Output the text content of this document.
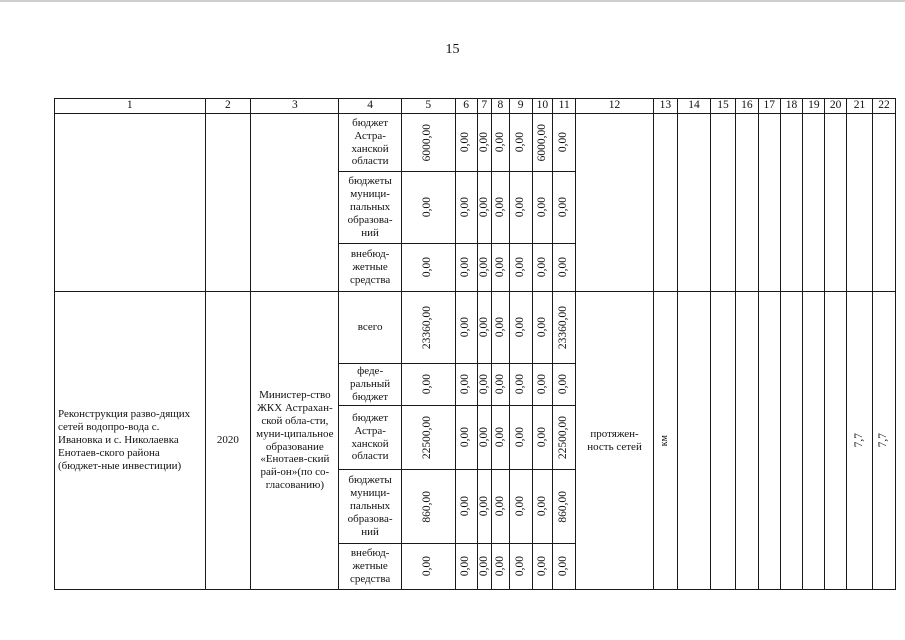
15
1	2	3	4	5	6	7	8	9	10	11	12	13	14	15	16	17	18	19	20	21	22
			бюджет Астра-ханской области	6000,00	0,00	0,00	0,00	0,00	6000,00	0,00											

			бюджеты муници-пальных образова-ний	0,00	0,00	0,00	0,00	0,00	0,00	0,00											

			внебюд-жетные средства	0,00	0,00	0,00	0,00	0,00	0,00	0,00											

Реконструкция разво-дящих сетей водопро-вода с. Ивановка и с. Николаевка Енотаев-ского района (бюджет-ные инвестиции)	2020	Министер-ство ЖКХ Астрахан-ской обла-сти, муни-ципальное образование «Енотаев-ский рай-он»(по со-гласованию)	всего	23360,00	0,00	0,00	0,00	0,00	0,00	23360,00	протяжен-ность сетей	км								7,7	7,7

			феде-ральный бюджет	0,00	0,00	0,00	0,00	0,00	0,00	0,00											

			бюджет Астра-ханской области	22500,00	0,00	0,00	0,00	0,00	0,00	22500,00											

			бюджеты муници-пальных образова-ний	860,00	0,00	0,00	0,00	0,00	0,00	860,00											

			внебюд-жетные средства	0,00	0,00	0,00	0,00	0,00	0,00	0,00											
